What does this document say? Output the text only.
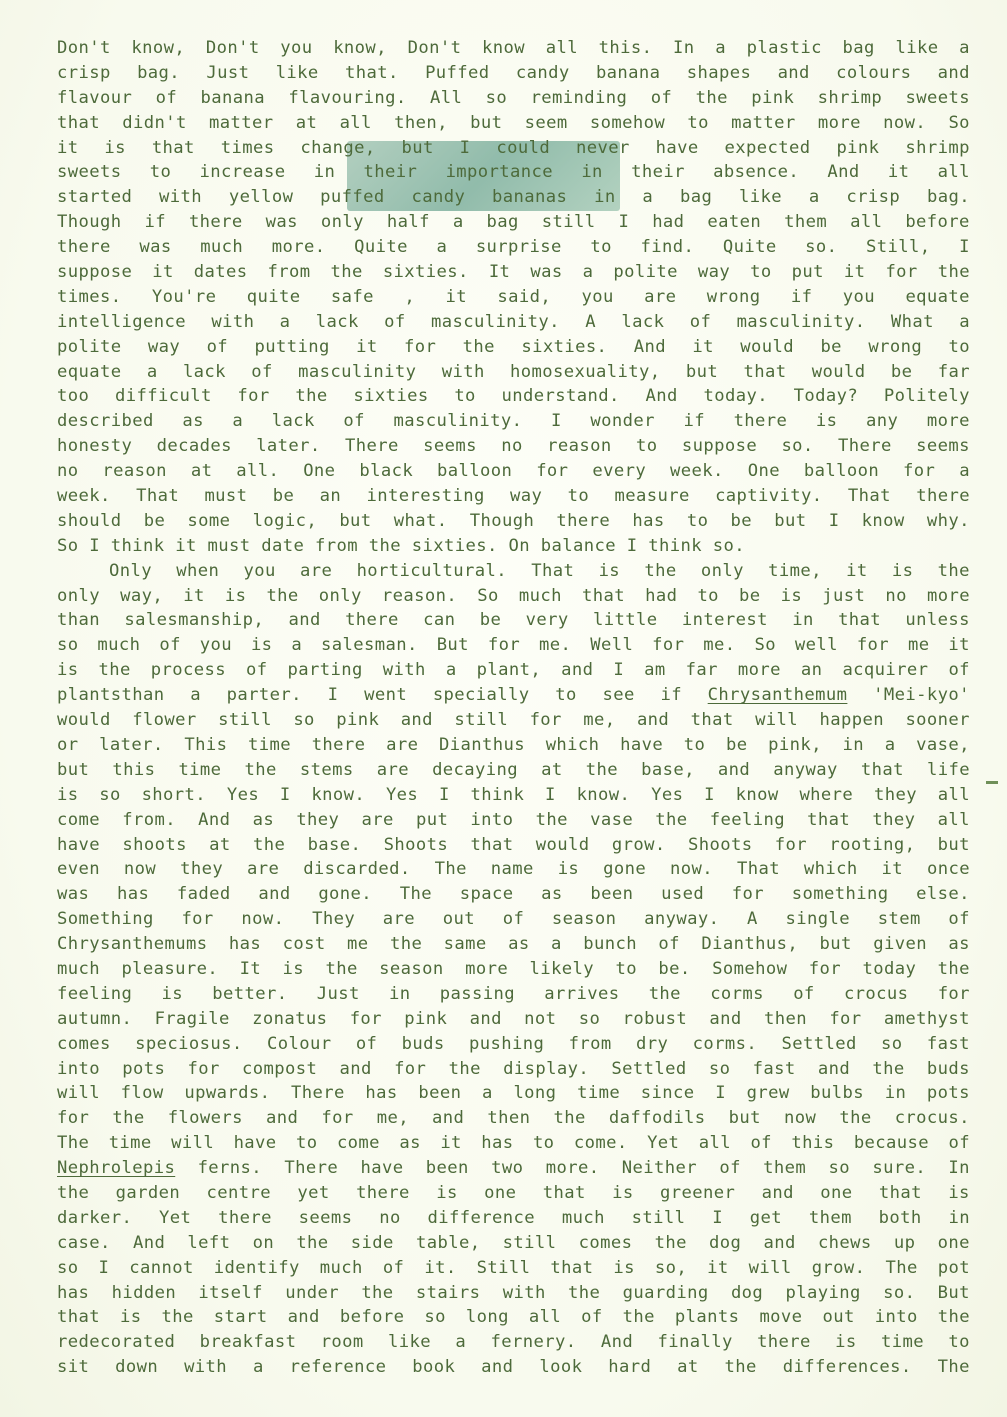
Don't know, Don't you know, Don't know all this. In a plastic bag like a
crisp bag. Just like that. Puffed candy banana shapes and colours and
flavour of banana flavouring. All so reminding of the pink shrimp sweets
that didn't matter at all then, but seem somehow to matter more now. So
it is that times change, but I could never have expected pink shrimp
sweets to increase in their importance in their absence. And it all
started with yellow puffed candy bananas in a bag like a crisp bag.
Though if there was only half a bag still I had eaten them all before
there was much more. Quite a surprise to find. Quite so. Still, I
suppose it dates from the sixties. It was a polite way to put it for the
times. You're quite safe , it said, you are wrong if you equate
intelligence with a lack of masculinity. A lack of masculinity. What a
polite way of putting it for the sixties. And it would be wrong to
equate a lack of masculinity with homosexuality, but that would be far
too difficult for the sixties to understand. And today. Today? Politely
described as a lack of masculinity. I wonder if there is any more
honesty decades later. There seems no reason to suppose so. There seems
no reason at all. One black balloon for every week. One balloon for a
week. That must be an interesting way to measure captivity. That there
should be some logic, but what. Though there has to be but I know why.
So I think it must date from the sixties. On balance I think so.
Only when you are horticultural. That is the only time, it is the
only way, it is the only reason. So much that had to be is just no more
than salesmanship, and there can be very little interest in that unless
so much of you is a salesman. But for me. Well for me. So well for me it
is the process of parting with a plant, and I am far more an acquirer of
plantsthan a parter. I went specially to see if Chrysanthemum 'Mei-kyo'
would flower still so pink and still for me, and that will happen sooner
or later. This time there are Dianthus which have to be pink, in a vase,
but this time the stems are decaying at the base, and anyway that life
is so short. Yes I know. Yes I think I know. Yes I know where they all
come from. And as they are put into the vase the feeling that they all
have shoots at the base. Shoots that would grow. Shoots for rooting, but
even now they are discarded. The name is gone now. That which it once
was has faded and gone. The space as been used for something else.
Something for now. They are out of season anyway. A single stem of
Chrysanthemums has cost me the same as a bunch of Dianthus, but given as
much pleasure. It is the season more likely to be. Somehow for today the
feeling is better. Just in passing arrives the corms of crocus for
autumn. Fragile zonatus for pink and not so robust and then for amethyst
comes speciosus. Colour of buds pushing from dry corms. Settled so fast
into pots for compost and for the display. Settled so fast and the buds
will flow upwards. There has been a long time since I grew bulbs in pots
for the flowers and for me, and then the daffodils but now the crocus.
The time will have to come as it has to come. Yet all of this because of
Nephrolepis ferns. There have been two more. Neither of them so sure. In
the garden centre yet there is one that is greener and one that is
darker. Yet there seems no difference much still I get them both in
case. And left on the side table, still comes the dog and chews up one
so I cannot identify much of it. Still that is so, it will grow. The pot
has hidden itself under the stairs with the guarding dog playing so. But
that is the start and before so long all of the plants move out into the
redecorated breakfast room like a fernery. And finally there is time to
sit down with a reference book and look hard at the differences. The
